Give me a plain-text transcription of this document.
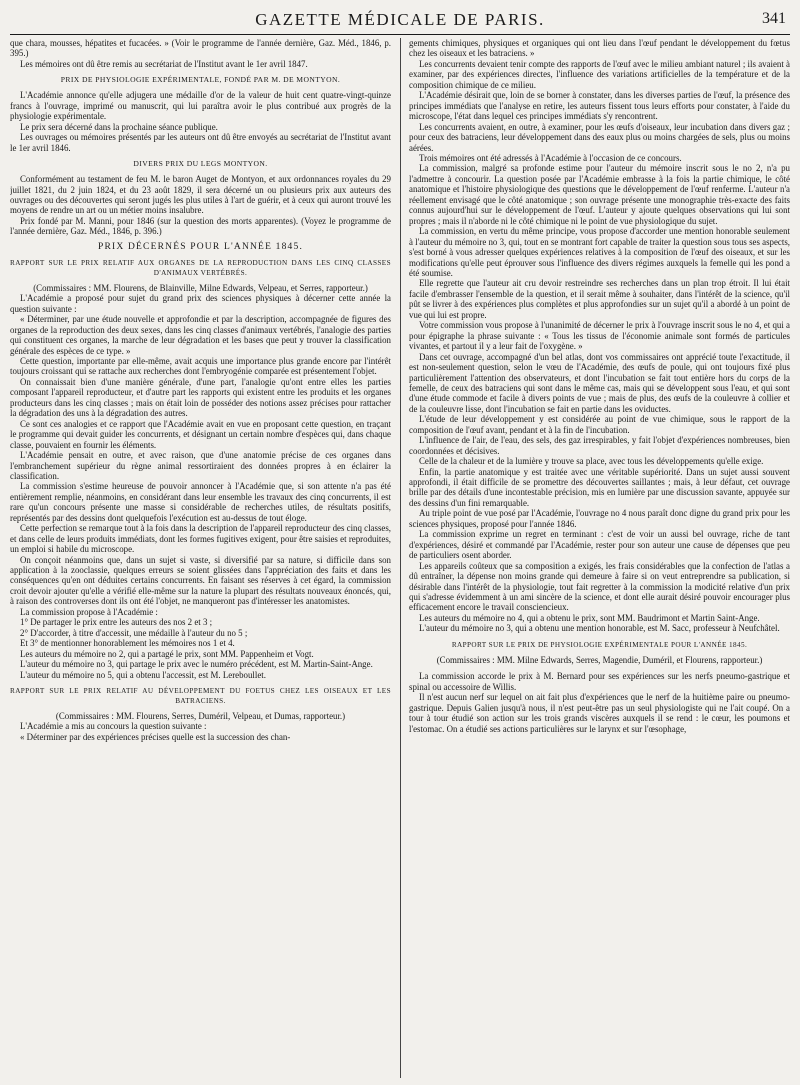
GAZETTE MÉDICALE DE PARIS.	341

que chara, mousses, hépatites et fucacées. » (Voir le programme de l'année dernière, Gaz. Méd., 1846, p. 395.)

Les mémoires ont dû être remis au secrétariat de l'Institut avant le 1er avril 1847.

PRIX DE PHYSIOLOGIE EXPÉRIMENTALE, FONDÉ PAR M. DE MONTYON.

L'Académie annonce qu'elle adjugera une médaille d'or de la valeur de huit cent quatre-vingt-quinze francs à l'ouvrage, imprimé ou manuscrit, qui lui paraîtra avoir le plus contribué aux progrès de la physiologie expérimentale.

Le prix sera décerné dans la prochaine séance publique.

Les ouvrages ou mémoires présentés par les auteurs ont dû être envoyés au secrétariat de l'Institut avant le 1er avril 1846.

DIVERS PRIX DU LEGS MONTYON.

Conformément au testament de feu M. le baron Auget de Montyon, et aux ordonnances royales du 29 juillet 1821, du 2 juin 1824, et du 23 août 1829, il sera décerné un ou plusieurs prix aux auteurs des ouvrages ou des découvertes qui seront jugés les plus utiles à l'art de guérir, et à ceux qui auront trouvé les moyens de rendre un art ou un métier moins insalubre.

Prix fondé par M. Manni, pour 1846 (sur la question des morts apparentes). (Voyez le programme de l'année dernière, Gaz. Méd., 1846, p. 396.)

PRIX DÉCERNÉS POUR L'ANNÉE 1845.
RAPPORT SUR LE PRIX RELATIF AUX ORGANES DE LA REPRODUCTION DANS LES CINQ CLASSES D'ANIMAUX VERTÉBRÉS.

(Commissaires : MM. Flourens, de Blainville, Milne Edwards, Velpeau, et Serres, rapporteur.)

L'Académie a proposé pour sujet du grand prix des sciences physiques à décerner cette année la question suivante :

« Déterminer, par une étude nouvelle et approfondie et par la description, accompagnée de figures des organes de la reproduction des deux sexes, dans les cinq classes d'animaux vertébrés, l'analogie des parties qui constituent ces organes, la marche de leur dégradation et les bases que peut y trouver la classification générale des espèces de ce type. »

Cette question, importante par elle-même, avait acquis une importance plus grande encore par l'intérêt toujours croissant qui se rattache aux recherches dont l'embryogénie comparée est présentement l'objet.

On connaissait bien d'une manière générale, d'une part, l'analogie qu'ont entre elles les parties composant l'appareil reproducteur, et d'autre part les rapports qui existent entre les produits et les organes producteurs dans les cinq classes ; mais on était loin de posséder des notions assez précises pour rattacher la dégradation des uns à la dégradation des autres.

Ce sont ces analogies et ce rapport que l'Académie avait en vue en proposant cette question, en traçant le programme qui devait guider les concurrents, et désignant un certain nombre d'espèces qui, dans chaque classe, pouvaient en fournir les éléments.

L'Académie pensait en outre, et avec raison, que d'une anatomie précise de ces organes dans l'embranchement supérieur du règne animal ressortiraient des données propres à en éclairer la classification.

La commission s'estime heureuse de pouvoir annoncer à l'Académie que, si son attente n'a pas été entièrement remplie, néanmoins, en considérant dans leur ensemble les travaux des cinq concurrents, il est rare qu'un concours présente une masse si considérable de recherches utiles, de résultats positifs, représentés par des dessins dont quelquefois l'exécution est au-dessus de tout éloge.

Cette perfection se remarque tout à la fois dans la description de l'appareil reproducteur des cinq classes, et dans celle de leurs produits immédiats, dont les formes fugitives exigent, pour être saisies et reproduites, un emploi si habile du microscope.

On conçoit néanmoins que, dans un sujet si vaste, si diversifié par sa nature, si difficile dans son application à la zooclassie, quelques erreurs se soient glissées dans l'appréciation des faits et dans les conséquences qu'en ont déduites certains concurrents. En faisant ses réserves à cet égard, la commission croit devoir ajouter qu'elle a vérifié elle-même sur la nature la plupart des résultats nouveaux énoncés, qui, à raison des controverses dont ils ont été l'objet, ne manqueront pas d'intéresser les anatomistes.

La commission propose à l'Académie :

1° De partager le prix entre les auteurs des nos 2 et 3 ;

2° D'accorder, à titre d'accessit, une médaille à l'auteur du no 5 ;

Et 3° de mentionner honorablement les mémoires nos 1 et 4.

Les auteurs du mémoire no 2, qui a partagé le prix, sont MM. Pappenheim et Vogt.

L'auteur du mémoire no 3, qui partage le prix avec le numéro précédent, est M. Martin-Saint-Ange.

L'auteur du mémoire no 5, qui a obtenu l'accessit, est M. Lereboullet.

RAPPORT SUR LE PRIX RELATIF AU DÉVELOPPEMENT DU FOETUS CHEZ LES OISEAUX ET LES BATRACIENS.

(Commissaires : MM. Flourens, Serres, Duméril, Velpeau, et Dumas, rapporteur.)

L'Académie a mis au concours la question suivante :

« Déterminer par des expériences précises quelle est la succession des chan-

gements chimiques, physiques et organiques qui ont lieu dans l'œuf pendant le développement du fœtus chez les oiseaux et les batraciens. »

Les concurrents devaient tenir compte des rapports de l'œuf avec le milieu ambiant naturel ; ils avaient à examiner, par des expériences directes, l'influence des variations artificielles de la température et de la composition chimique de ce milieu.

L'Académie désirait que, loin de se borner à constater, dans les diverses parties de l'œuf, la présence des principes immédiats que l'analyse en retire, les auteurs fissent tous leurs efforts pour constater, à l'aide du microscope, l'état dans lequel ces principes immédiats s'y rencontrent.

Les concurrents avaient, en outre, à examiner, pour les œufs d'oiseaux, leur incubation dans divers gaz ; pour ceux des batraciens, leur développement dans des eaux plus ou moins chargées de sels, plus ou moins aérées.

Trois mémoires ont été adressés à l'Académie à l'occasion de ce concours.

La commission, malgré sa profonde estime pour l'auteur du mémoire inscrit sous le no 2, n'a pu l'admettre à concourir. La question posée par l'Académie embrasse à la fois la partie chimique, le côté anatomique et l'histoire physiologique des questions que le développement de l'œuf renferme. L'auteur n'a réellement envisagé que le côté anatomique ; son ouvrage présente une monographie très-exacte des faits connus aujourd'hui sur le développement de l'œuf. L'auteur y ajoute quelques observations qui lui sont propres ; mais il n'aborde ni le côté chimique ni le point de vue physiologique du sujet.

La commission, en vertu du même principe, vous propose d'accorder une mention honorable seulement à l'auteur du mémoire no 3, qui, tout en se montrant fort capable de traiter la question sous tous ses aspects, s'est borné à vous adresser quelques expériences relatives à la composition de l'œuf des oiseaux, et sur les modifications qu'elle peut éprouver sous l'influence des divers régimes auxquels la femelle qui les pond a été soumise.

Elle regrette que l'auteur ait cru devoir restreindre ses recherches dans un plan trop étroit. Il lui était facile d'embrasser l'ensemble de la question, et il serait même à souhaiter, dans l'intérêt de la science, qu'il pût se livrer à des expériences plus complètes et plus approfondies sur un sujet qu'il a abordé à un point de vue qui lui est propre.

Votre commission vous propose à l'unanimité de décerner le prix à l'ouvrage inscrit sous le no 4, et qui a pour épigraphe la phrase suivante : « Tous les tissus de l'économie animale sont formés de particules vivantes, et partout il y a leur fait de l'oxygène. »

Dans cet ouvrage, accompagné d'un bel atlas, dont vos commissaires ont apprécié toute l'exactitude, il est non-seulement question, selon le vœu de l'Académie, des œufs de poule, qui ont toujours fixé plus particulièrement l'attention des observateurs, et dont l'incubation se fait tout entière hors du corps de la femelle, de ceux des batraciens qui sont dans le même cas, mais qui se développent sous l'eau, et qui sont d'une étude commode et facile à divers points de vue ; mais de plus, des œufs de la couleuvre à collier et de la couleuvre lisse, dont l'incubation se fait en partie dans les oviductes.

L'étude de leur développement y est considérée au point de vue chimique, sous le rapport de la composition de l'œuf avant, pendant et à la fin de l'incubation.

L'influence de l'air, de l'eau, des sels, des gaz irrespirables, y fait l'objet d'expériences nombreuses, bien coordonnées et décisives.

Celle de la chaleur et de la lumière y trouve sa place, avec tous les développements qu'elle exige.

Enfin, la partie anatomique y est traitée avec une véritable supériorité. Dans un sujet aussi souvent approfondi, il était difficile de se promettre des découvertes saillantes ; mais, à leur défaut, cet ouvrage brille par des détails d'une incontestable précision, mis en lumière par une discussion savante, appuyée sur des dessins d'un fini remarquable.

Au triple point de vue posé par l'Académie, l'ouvrage no 4 nous paraît donc digne du grand prix pour les sciences physiques, proposé pour l'année 1846.

La commission exprime un regret en terminant : c'est de voir un aussi bel ouvrage, riche de tant d'expériences, désiré et commandé par l'Académie, rester pour son auteur une cause de dépenses que peu de particuliers osent aborder.

Les appareils coûteux que sa composition a exigés, les frais considérables que la confection de l'atlas a dû entraîner, la dépense non moins grande qui demeure à faire si on veut entreprendre sa publication, si désirable dans l'intérêt de la physiologie, tout fait regretter à la commission la modicité relative d'un prix qui s'adresse évidemment à un ami sincère de la science, et dont elle aurait désiré pouvoir encourager plus efficacement encore le travail consciencieux.

Les auteurs du mémoire no 4, qui a obtenu le prix, sont MM. Baudrimont et Martin Saint-Ange.

L'auteur du mémoire no 3, qui a obtenu une mention honorable, est M. Sacc, professeur à Neufchâtel.

RAPPORT SUR LE PRIX DE PHYSIOLOGIE EXPÉRIMENTALE POUR L'ANNÉE 1845.

(Commissaires : MM. Milne Edwards, Serres, Magendie, Duméril, et Flourens, rapporteur.)

La commission accorde le prix à M. Bernard pour ses expériences sur les nerfs pneumo-gastrique et spinal ou accessoire de Willis.

Il n'est aucun nerf sur lequel on ait fait plus d'expériences que le nerf de la huitième paire ou pneumo-gastrique. Depuis Galien jusqu'à nous, il n'est peut-être pas un seul physiologiste qui ne l'ait coupé. On a tour à tour étudié son action sur les trois grands viscères auxquels il se rend : le cœur, les poumons et l'estomac. On a étudié ses actions particulières sur le larynx et sur l'œsophage,
